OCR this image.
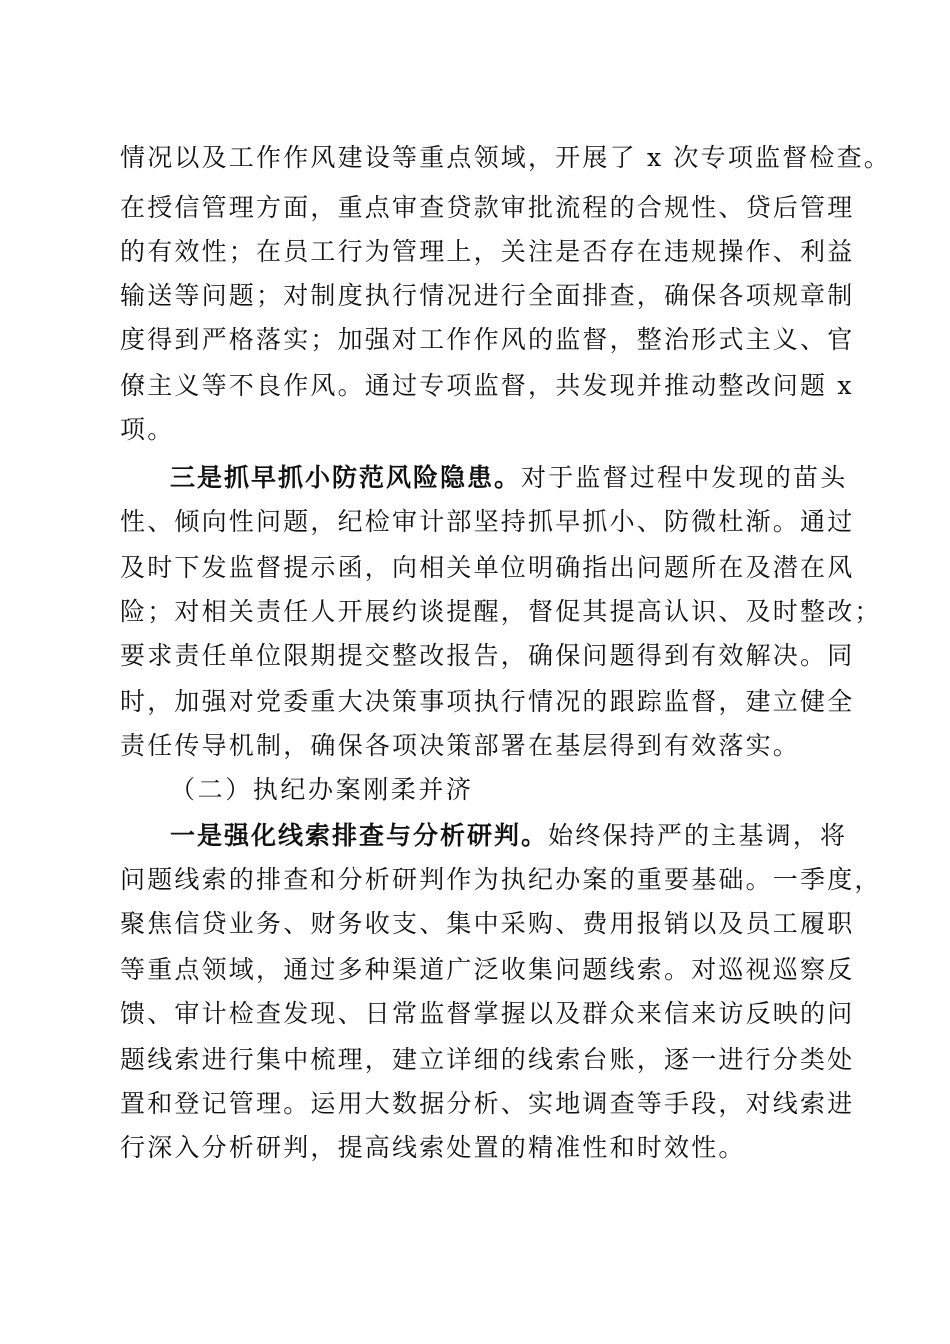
情况以及工作作风建设等重点领域，开展了 x 次专项监督检查。
在授信管理方面，重点审查贷款审批流程的合规性、贷后管理
的有效性；在员工行为管理上，关注是否存在违规操作、利益
输送等问题；对制度执行情况进行全面排查，确保各项规章制
度得到严格落实；加强对工作作风的监督，整治形式主义、官
僚主义等不良作风。通过专项监督，共发现并推动整改问题 x
项。
三是抓早抓小防范风险隐患。对于监督过程中发现的苗头
性、倾向性问题，纪检审计部坚持抓早抓小、防微杜渐。通过
及时下发监督提示函，向相关单位明确指出问题所在及潜在风
险；对相关责任人开展约谈提醒，督促其提高认识、及时整改；
要求责任单位限期提交整改报告，确保问题得到有效解决。同
时，加强对党委重大决策事项执行情况的跟踪监督，建立健全
责任传导机制，确保各项决策部署在基层得到有效落实。
（二）执纪办案刚柔并济
一是强化线索排查与分析研判。始终保持严的主基调，将
问题线索的排查和分析研判作为执纪办案的重要基础。一季度，
聚焦信贷业务、财务收支、集中采购、费用报销以及员工履职
等重点领域，通过多种渠道广泛收集问题线索。对巡视巡察反
馈、审计检查发现、日常监督掌握以及群众来信来访反映的问
题线索进行集中梳理，建立详细的线索台账，逐一进行分类处
置和登记管理。运用大数据分析、实地调查等手段，对线索进
行深入分析研判，提高线索处置的精准性和时效性。
